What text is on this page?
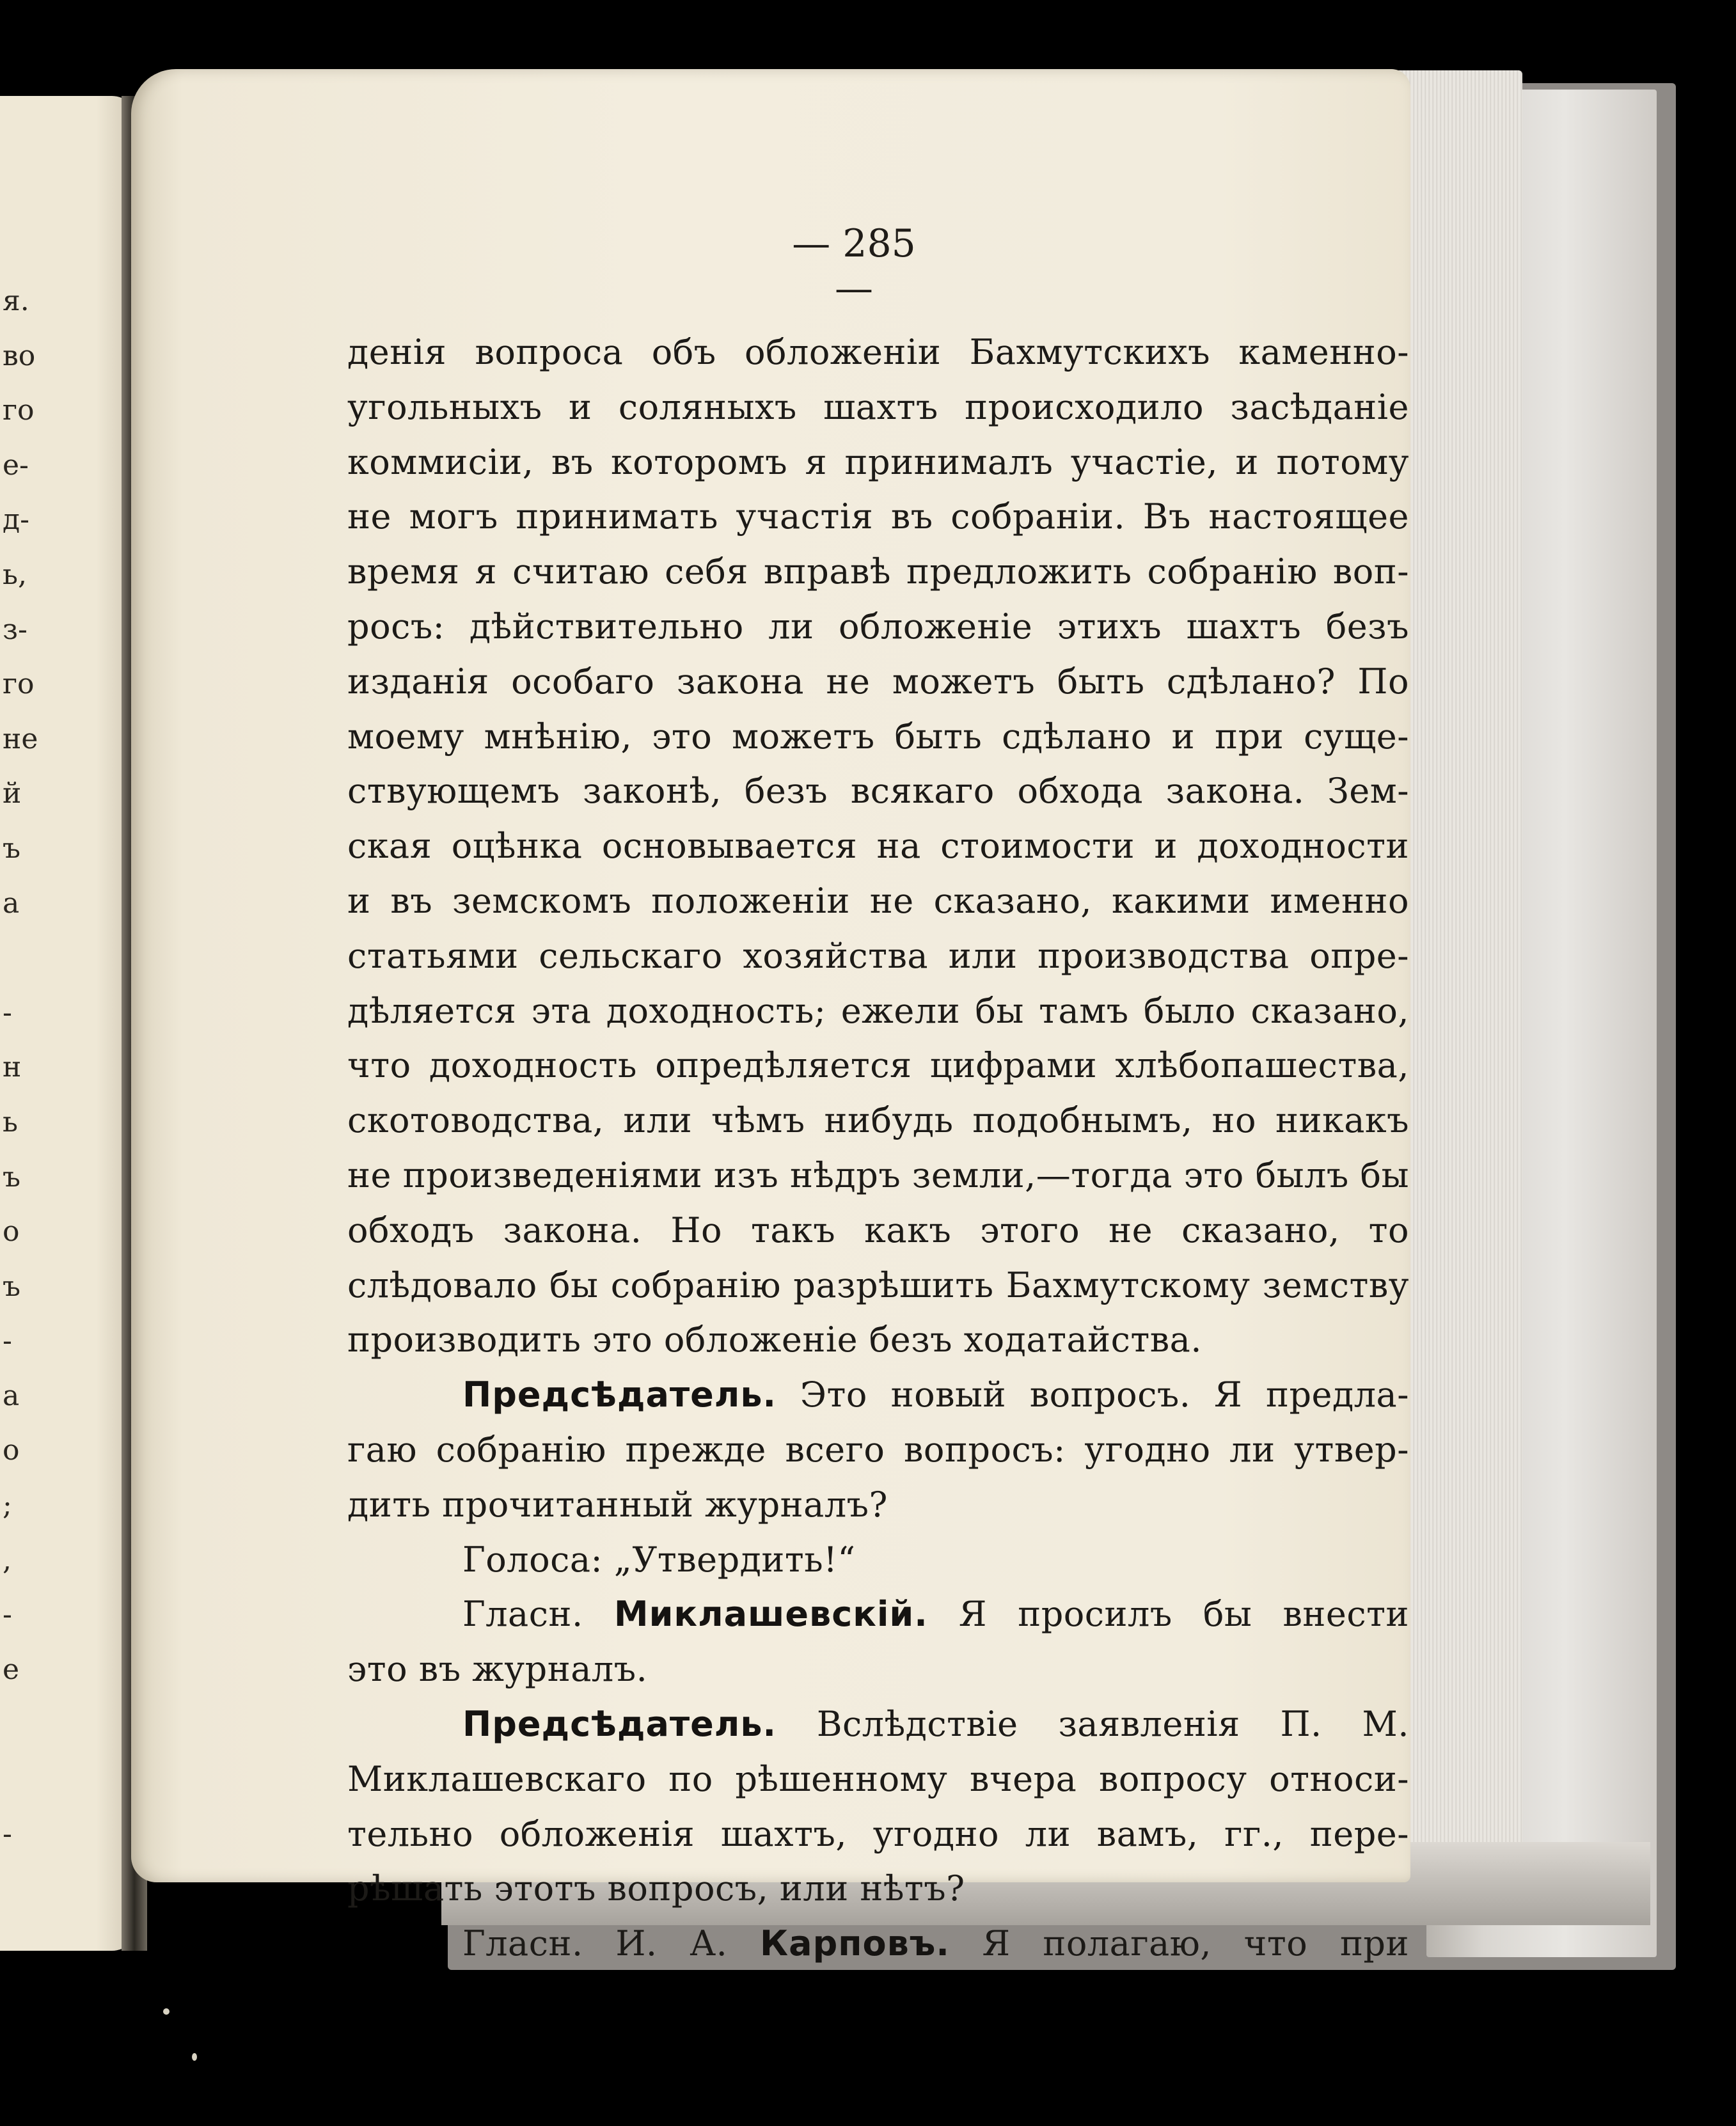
я.
во
го
е-
д-
ь,
з-
го
не
й
ъ
а
-
н
ь
ъ
о
ъ
-
а
о
;
,
-
е
-
— 285 —

денія вопроса объ обложеніи Бахмутскихъ каменно-
угольныхъ и соляныхъ шахтъ происходило засѣданіе
коммисіи, въ которомъ я принималъ участіе, и потому
не могъ принимать участія въ собраніи. Въ настоящее
время я считаю себя вправѣ предложить собранію воп-
росъ: дѣйствительно ли обложеніе этихъ шахтъ безъ
изданія особаго закона не можетъ быть сдѣлано? По
моему мнѣнію, это можетъ быть сдѣлано и при суще-
ствующемъ законѣ, безъ всякаго обхода закона. Зем-
ская оцѣнка основывается на стоимости и доходности
и въ земскомъ положеніи не сказано, какими именно
статьями сельскаго хозяйства или производства опре-
дѣляется эта доходность; ежели бы тамъ было сказано,
что доходность опредѣляется цифрами хлѣбопашества,
скотоводства, или чѣмъ нибудь подобнымъ, но никакъ
не произведеніями изъ нѣдръ земли,—тогда это былъ бы
обходъ закона. Но такъ какъ этого не сказано, то
слѣдовало бы собранію разрѣшить Бахмутскому земству
производить это обложеніе безъ ходатайства.
Предсѣдатель. Это новый вопросъ. Я предла-
гаю собранію прежде всего вопросъ: угодно ли утвер-
дить прочитанный журналъ?
Голоса: „Утвердить!“
Гласн. Миклашевскій. Я просилъ бы внести
это въ журналъ.
Предсѣдатель. Вслѣдствіе заявленія П. М.
Миклашевскаго по рѣшенному вчера вопросу относи-
тельно обложенія шахтъ, угодно ли вамъ, гг., пере-
рѣшать этотъ вопросъ, или нѣтъ?
Гласн. И. А. Карповъ. Я полагаю, что при
